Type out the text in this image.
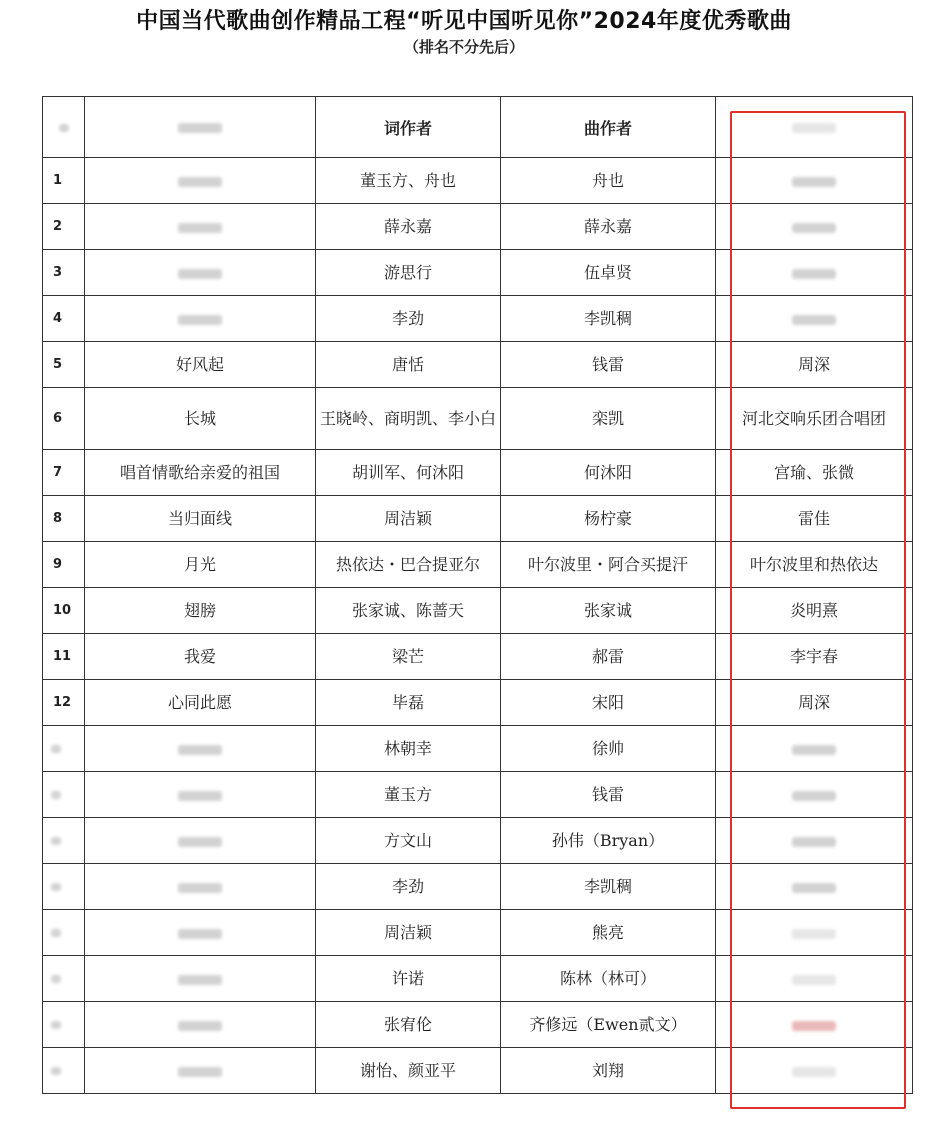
中国当代歌曲创作精品工程“听见中国听见你”2024年度优秀歌曲
（排名不分先后）
		词作者	曲作者	
1		董玉方、舟也	舟也	
2		薛永嘉	薛永嘉	
3		游思行	伍卓贤	
4		李劲	李凯稠	
5	好风起	唐恬	钱雷	周深
6	长城	王晓岭、商明凯、李小白	栾凯	河北交响乐团合唱团
7	唱首情歌给亲爱的祖国	胡训军、何沐阳	何沐阳	宫瑜、张微
8	当归面线	周洁颖	杨柠豪	雷佳
9	月光	热依达・巴合提亚尔	叶尔波里・阿合买提汗	叶尔波里和热依达
10	翅膀	张家诚、陈蔷天	张家诚	炎明熹
11	我爱	梁芒	郝雷	李宇春
12	心同此愿	毕磊	宋阳	周深
		林朝幸	徐帅	
		董玉方	钱雷	
		方文山	孙伟（Bryan）	
		李劲	李凯稠	
		周洁颖	熊亮	
		许诺	陈林（林可）	
		张宥伦	齐修远（Ewen贰文）	
		谢怡、颜亚平	刘翔	
